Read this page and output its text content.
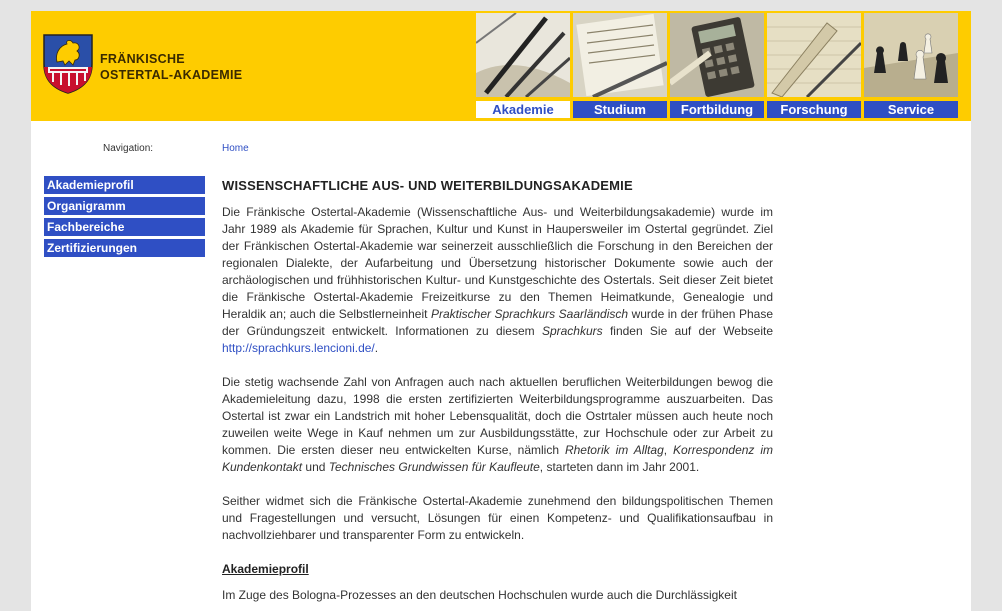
FRÄNKISCHE
OSTERTAL-AKADEMIE
Akademie	Studium	Fortbildung	Forschung	Service
Navigation:	Home
Akademieprofil
Organigramm
Fachbereiche
Zertifizierungen
WISSENSCHAFTLICHE AUS- UND WEITERBILDUNGSAKADEMIE

Die Fränkische Ostertal-Akademie (Wissenschaftliche Aus- und Weiterbildungsakademie) wurde im Jahr 1989 als Akademie für Sprachen, Kultur und Kunst in Haupersweiler im Ostertal gegründet. Ziel der Fränkischen Ostertal-Akademie war seinerzeit ausschließlich die Forschung in den Bereichen der regionalen Dialekte, der Aufarbeitung und Übersetzung historischer Dokumente sowie auch der archäologischen und frühhistorischen Kultur- und Kunstgeschichte des Ostertals. Seit dieser Zeit bietet die Fränkische Ostertal-Akademie Freizeitkurse zu den Themen Heimatkunde, Genealogie und Heraldik an; auch die Selbstlerneinheit Praktischer Sprachkurs Saarländisch wurde in der frühen Phase der Gründungszeit entwickelt. Informationen zu diesem Sprachkurs finden Sie auf der Webseite http://sprachkurs.lencioni.de/.

Die stetig wachsende Zahl von Anfragen auch nach aktuellen beruflichen Weiterbildungen bewog die Akademieleitung dazu, 1998 die ersten zertifizierten Weiterbildungsprogramme auszuarbeiten. Das Ostertal ist zwar ein Landstrich mit hoher Lebensqualität, doch die Ostrtaler müssen auch heute noch zuweilen weite Wege in Kauf nehmen um zur Ausbildungsstätte, zur Hochschule oder zur Arbeit zu kommen. Die ersten dieser neu entwickelten Kurse, nämlich Rhetorik im Alltag, Korrespondenz im Kundenkontakt und Technisches Grundwissen für Kaufleute, starteten dann im Jahr 2001.

Seither widmet sich die Fränkische Ostertal-Akademie zunehmend den bildungspolitischen Themen und Fragestellungen und versucht, Lösungen für einen Kompetenz- und Qualifikationsaufbau in nachvollziehbarer und transparenter Form zu entwickeln.

Akademieprofil

Im Zuge des Bologna-Prozesses an den deutschen Hochschulen wurde auch die Durchlässigkeit
